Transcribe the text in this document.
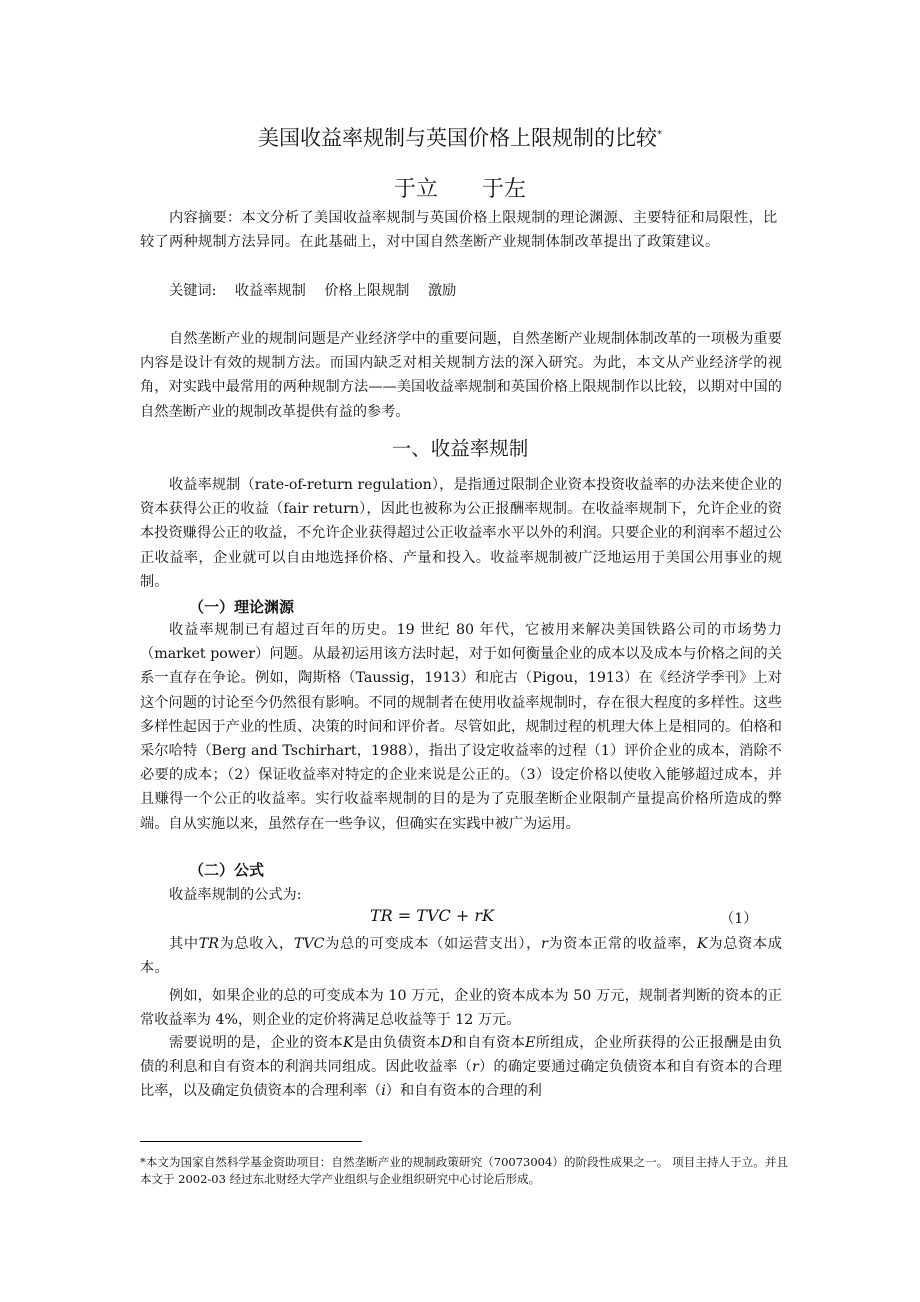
美国收益率规制与英国价格上限规制的比较*
于立 于左
内容摘要：本文分析了美国收益率规制与英国价格上限规制的理论渊源、主要特征和局限性，比较了两种规制方法异同。在此基础上，对中国自然垄断产业规制体制改革提出了政策建议。
关键词: 收益率规制 价格上限规制 激励
自然垄断产业的规制问题是产业经济学中的重要问题，自然垄断产业规制体制改革的一项极为重要内容是设计有效的规制方法。而国内缺乏对相关规制方法的深入研究。为此，本文从产业经济学的视角，对实践中最常用的两种规制方法——美国收益率规制和英国价格上限规制作以比较，以期对中国的自然垄断产业的规制改革提供有益的参考。
一、收益率规制
收益率规制（rate-of-return regulation），是指通过限制企业资本投资收益率的办法来使企业的资本获得公正的收益（fair return），因此也被称为公正报酬率规制。在收益率规制下，允许企业的资本投资赚得公正的收益，不允许企业获得超过公正收益率水平以外的利润。只要企业的利润率不超过公正收益率，企业就可以自由地选择价格、产量和投入。收益率规制被广泛地运用于美国公用事业的规制。
（一）理论渊源
收益率规制已有超过百年的历史。19 世纪 80 年代，它被用来解决美国铁路公司的市场势力（market power）问题。从最初运用该方法时起，对于如何衡量企业的成本以及成本与价格之间的关系一直存在争论。例如，陶斯格（Taussig，1913）和庇古（Pigou，1913）在《经济学季刊》上对这个问题的讨论至今仍然很有影响。不同的规制者在使用收益率规制时，存在很大程度的多样性。这些多样性起因于产业的性质、决策的时间和评价者。尽管如此，规制过程的机理大体上是相同的。伯格和采尔哈特（Berg and Tschirhart，1988），指出了设定收益率的过程（1）评价企业的成本，消除不必要的成本；（2）保证收益率对特定的企业来说是公正的。（3）设定价格以使收入能够超过成本，并且赚得一个公正的收益率。实行收益率规制的目的是为了克服垄断企业限制产量提高价格所造成的弊端。自从实施以来，虽然存在一些争议，但确实在实践中被广为运用。
（二）公式
收益率规制的公式为:
TR = TVC + rK	（1）
其中TR为总收入，TVC为总的可变成本（如运营支出），r为资本正常的收益率，K为总资本成本。
例如，如果企业的总的可变成本为 10 万元，企业的资本成本为 50 万元，规制者判断的资本的正常收益率为 4%，则企业的定价将满足总收益等于 12 万元。
需要说明的是，企业的资本K是由负债资本D和自有资本E所组成，企业所获得的公正报酬是由负债的利息和自有资本的利润共同组成。因此收益率（r）的确定要通过确定负债资本和自有资本的合理比率，以及确定负债资本的合理利率（i）和自有资本的合理的利
*本文为国家自然科学基金资助项目：自然垄断产业的规制政策研究（70073004）的阶段性成果之一。 项目主持人于立。并且本文于 2002-03 经过东北财经大学产业组织与企业组织研究中心讨论后形成。
